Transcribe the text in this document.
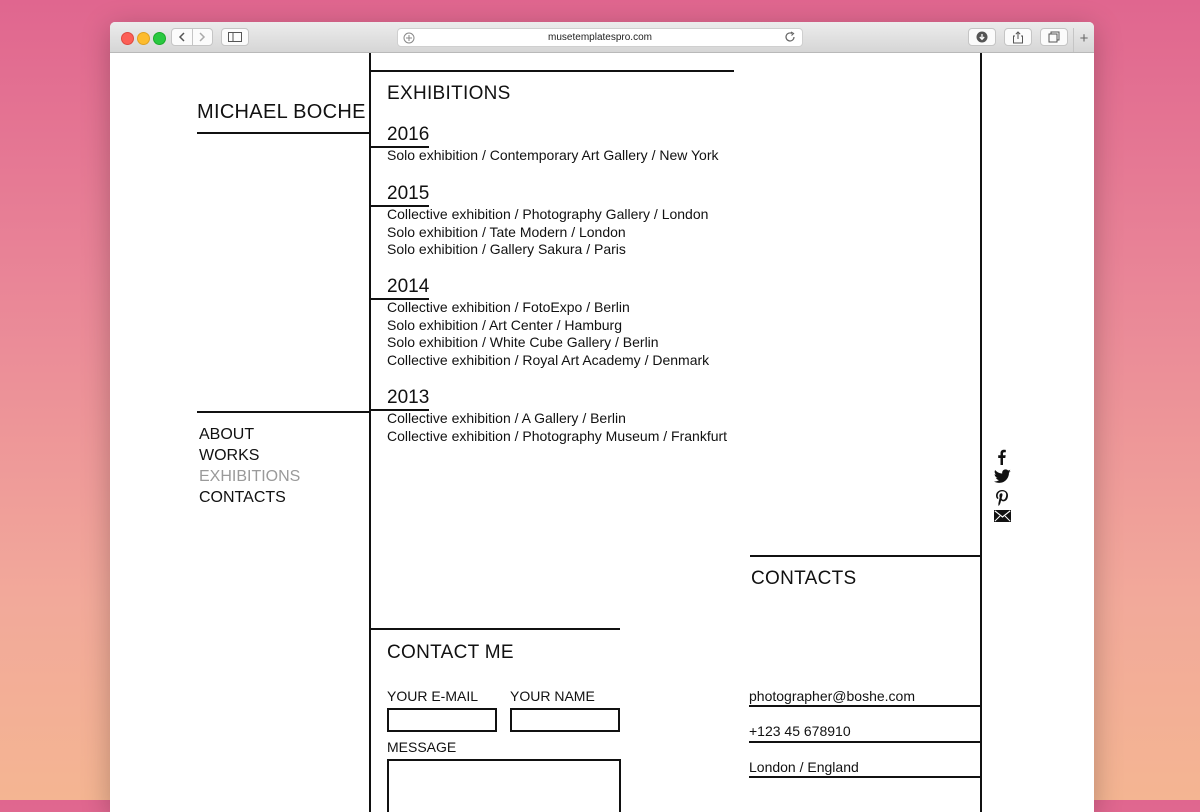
musetemplatespro.com	+
MICHAEL BOCHE
ABOUT
WORKS
EXHIBITIONS
CONTACTS
EXHIBITIONS
2016
Solo exhibition / Contemporary Art Gallery / New York
2015
Collective exhibition / Photography Gallery / London
Solo exhibition / Tate Modern / London
Solo exhibition / Gallery Sakura / Paris
2014
Collective exhibition / FotoExpo / Berlin
Solo exhibition / Art Center / Hamburg
Solo exhibition / White Cube Gallery / Berlin
Collective exhibition / Royal Art Academy / Denmark
2013
Collective exhibition / A Gallery / Berlin
Collective exhibition / Photography Museum / Frankfurt
CONTACTS
photographer@boshe.com
+123 45 678910
London / England
CONTACT ME
YOUR E-MAIL YOUR NAME
MESSAGE
